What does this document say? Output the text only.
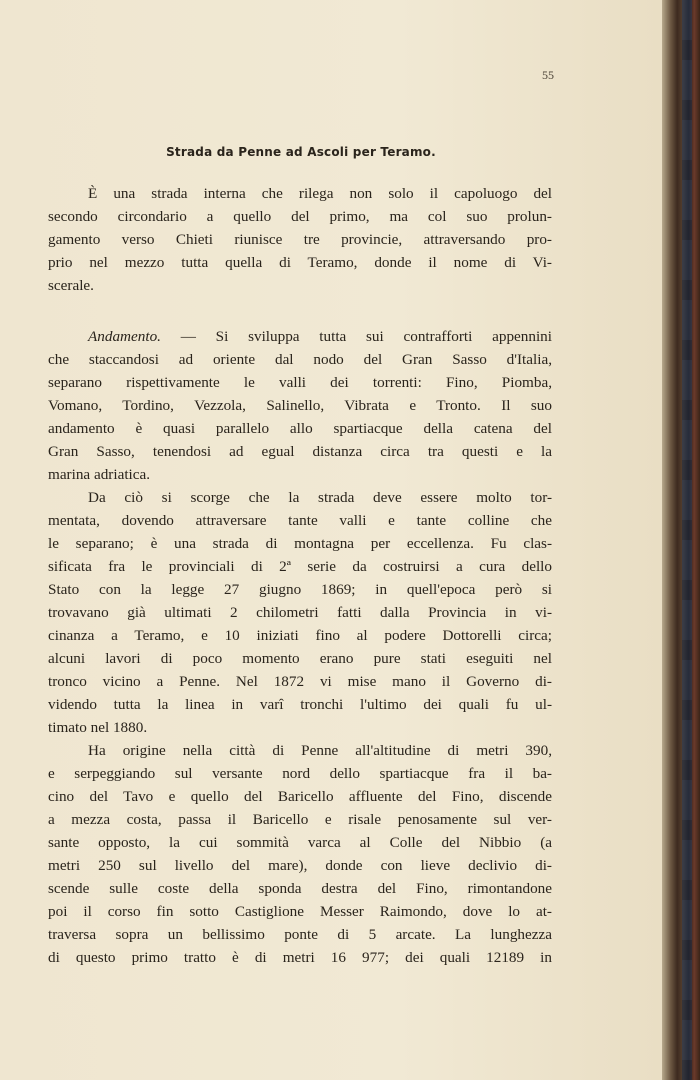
55
Strada da Penne ad Ascoli per Teramo.
È una strada interna che rilega non solo il capoluogo del
secondo circondario a quello del primo, ma col suo prolun-
gamento verso Chieti riunisce tre provincie, attraversando pro-
prio nel mezzo tutta quella di Teramo, donde il nome di Vi-
scerale.
Andamento. — Si sviluppa tutta sui contrafforti appennini
che staccandosi ad oriente dal nodo del Gran Sasso d'Italia,
separano rispettivamente le valli dei torrenti: Fino, Piomba,
Vomano, Tordino, Vezzola, Salinello, Vibrata e Tronto. Il suo
andamento è quasi parallelo allo spartiacque della catena del
Gran Sasso, tenendosi ad egual distanza circa tra questi e la
marina adriatica.
Da ciò si scorge che la strada deve essere molto tor-
mentata, dovendo attraversare tante valli e tante colline che
le separano; è una strada di montagna per eccellenza. Fu clas-
sificata fra le provinciali di 2ª serie da costruirsi a cura dello
Stato con la legge 27 giugno 1869; in quell'epoca però si
trovavano già ultimati 2 chilometri fatti dalla Provincia in vi-
cinanza a Teramo, e 10 iniziati fino al podere Dottorelli circa;
alcuni lavori di poco momento erano pure stati eseguiti nel
tronco vicino a Penne. Nel 1872 vi mise mano il Governo di-
videndo tutta la linea in varî tronchi l'ultimo dei quali fu ul-
timato nel 1880.
Ha origine nella città di Penne all'altitudine di metri 390,
e serpeggiando sul versante nord dello spartiacque fra il ba-
cino del Tavo e quello del Baricello affluente del Fino, discende
a mezza costa, passa il Baricello e risale penosamente sul ver-
sante opposto, la cui sommità varca al Colle del Nibbio (a
metri 250 sul livello del mare), donde con lieve declivio di-
scende sulle coste della sponda destra del Fino, rimontandone
poi il corso fin sotto Castiglione Messer Raimondo, dove lo at-
traversa sopra un bellissimo ponte di 5 arcate. La lunghezza
di questo primo tratto è di metri 16 977; dei quali 12189 in
